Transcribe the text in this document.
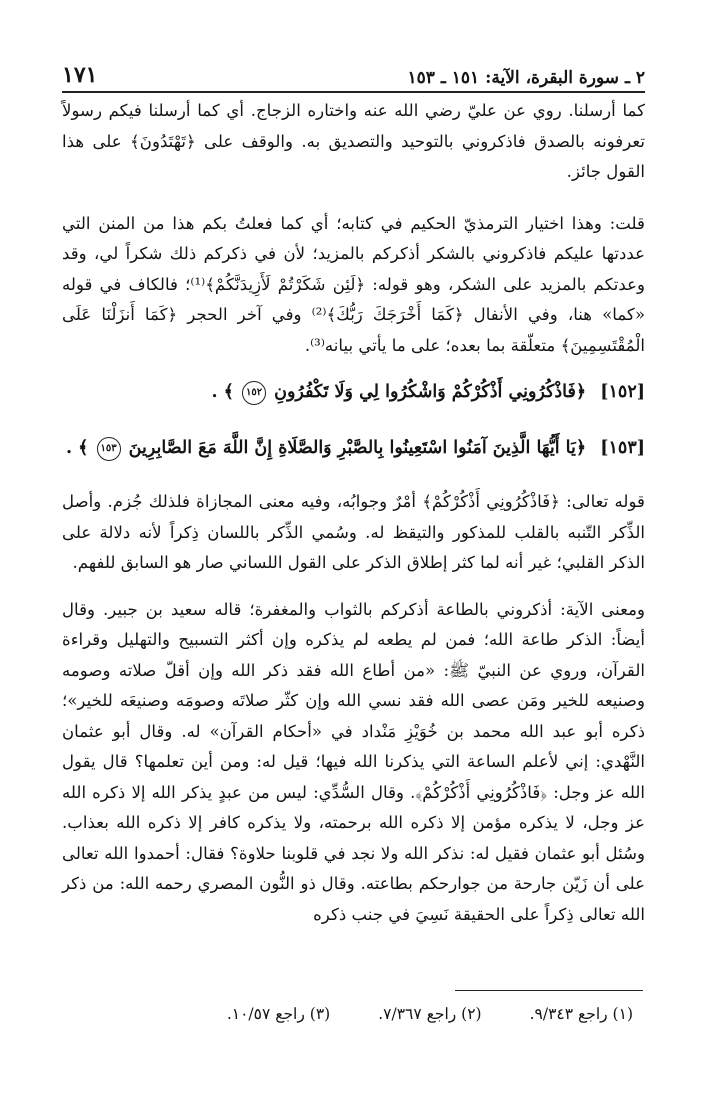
٢ ـ سورة البقرة، الآية: ١٥١ ـ ١٥٣
١٧١

كما أرسلنا. روي عن عليّ رضي الله عنه واختاره الزجاج. أي كما أرسلنا فيكم رسولاً تعرفونه بالصدق فاذكروني بالتوحيد والتصديق به. والوقف على ﴿تَهْتَدُونَ﴾ على هذا القول جائز.

قلت: وهذا اختيار الترمذيّ الحكيم في كتابه؛ أي كما فعلتُ بكم هذا من المنن التي عددتها عليكم فاذكروني بالشكر أذكركم بالمزيد؛ لأن في ذكركم ذلك شكراً لي، وقد وعدتكم بالمزيد على الشكر، وهو قوله: ﴿لَئِن شَكَرْتُمْ لَأَزِيدَنَّكُمْ﴾⁽¹⁾؛ فالكاف في قوله «كما» هنا، وفي الأنفال ﴿كَمَا أَخْرَجَكَ رَبُّكَ﴾⁽²⁾ وفي آخر الحجر ﴿كَمَا أَنزَلْنَا عَلَى الْمُقْتَسِمِينَ﴾ متعلّقة بما بعده؛ على ما يأتي بيانه⁽³⁾.

[١٥٢] ﴿فَاذْكُرُونِي أَذْكُرْكُمْ وَاشْكُرُوا لِي وَلَا تَكْفُرُونِ ١٥٢ ﴾ .

[١٥٣] ﴿يَا أَيُّهَا الَّذِينَ آمَنُوا اسْتَعِينُوا بِالصَّبْرِ وَالصَّلَاةِ إِنَّ اللَّهَ مَعَ الصَّابِرِينَ ١٥٣ ﴾ .

قوله تعالى: ﴿فَاذْكُرُونِي أَذْكُرْكُمْ﴾ أمْرٌ وجوابُه، وفيه معنى المجازاة فلذلك جُزم. وأصل الذِّكر التّنبه بالقلب للمذكور والتيقظ له. وسُمي الذِّكر باللسان ذِكراً لأنه دلالة على الذكر القلبي؛ غير أنه لما كثر إطلاق الذكر على القول اللساني صار هو السابق للفهم.

ومعنى الآية: أذكروني بالطاعة أذكركم بالثواب والمغفرة؛ قاله سعيد بن جبير. وقال أيضاً: الذكر طاعة الله؛ فمن لم يطعه لم يذكره وإن أكثر التسبيح والتهليل وقراءة القرآن، وروي عن النبيّ ﷺ: «من أطاع الله فقد ذكر الله وإن أقلّ صلاته وصومه وصنيعه للخير ومَن عصى الله فقد نسي الله وإن كثّر صلاتَه وصومَه وصنيعَه للخير»؛ ذكره أبو عبد الله محمد بن خُوَيْزِ مَنْداد في «أحكام القرآن» له. وقال أبو عثمان النَّهْدي: إني لأعلم الساعة التي يذكرنا الله فيها؛ قيل له: ومن أين تعلمها؟ قال يقول الله عز وجل: ﴿فَاذْكُرُونِي أَذْكُرْكُمْ﴾. وقال السُّدِّي: ليس من عبدٍ يذكر الله إلا ذكره الله عز وجل، لا يذكره مؤمن إلا ذكره الله برحمته، ولا يذكره كافر إلا ذكره الله بعذاب. وسُئل أبو عثمان فقيل له: نذكر الله ولا نجد في قلوبنا حلاوة؟ فقال: أحمدوا الله تعالى على أن زَيّن جارحة من جوارحكم بطاعته. وقال ذو النُّون المصري رحمه الله: من ذكر الله تعالى ذِكراً على الحقيقة نَسِيَ في جنب ذكره

(١) راجع ٩/٣٤٣.
(٢) راجع ٧/٣٦٧.
(٣) راجع ١٠/٥٧.
